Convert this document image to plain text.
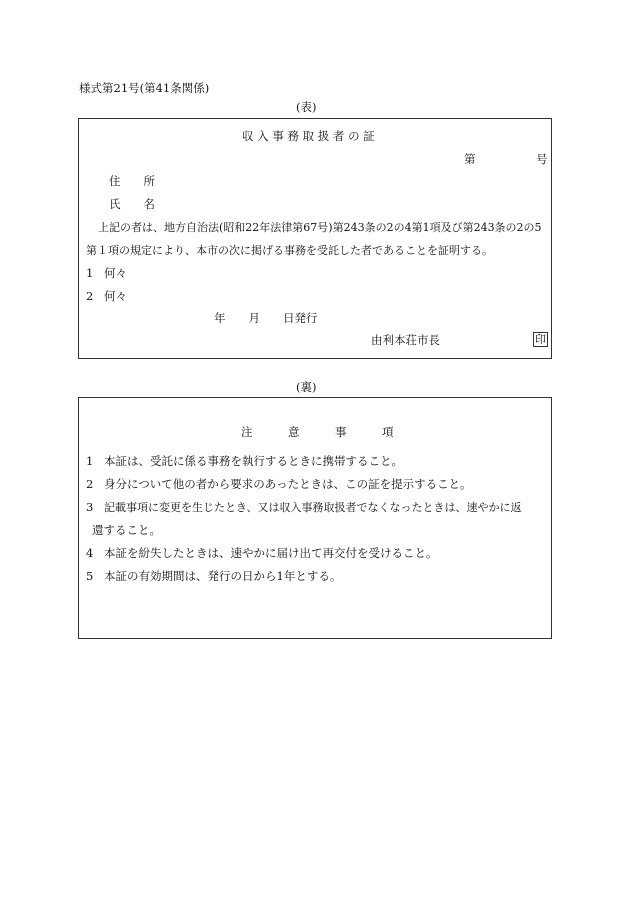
様式第21号(第41条関係)
(表)
収 入 事 務 取 扱 者 の 証
第	号
住　　所
氏　　名
上記の者は、地方自治法(昭和22年法律第67号)第243条の2の4第1項及び第243条の2の5
第１項の規定により、本市の次に掲げる事務を受託した者であることを証明する。
1 何々
2 何々
年　　月　　日発行
由利本荘市長	印
(裏)
注	意	事	項
1 本証は、受託に係る事務を執行するときに携帯すること。
2 身分について他の者から要求のあったときは、この証を提示すること。
3 記載事項に変更を生じたとき、又は収入事務取扱者でなくなったときは、速やかに返
還すること。
4 本証を紛失したときは、速やかに届け出て再交付を受けること。
5 本証の有効期間は、発行の日から1年とする。
